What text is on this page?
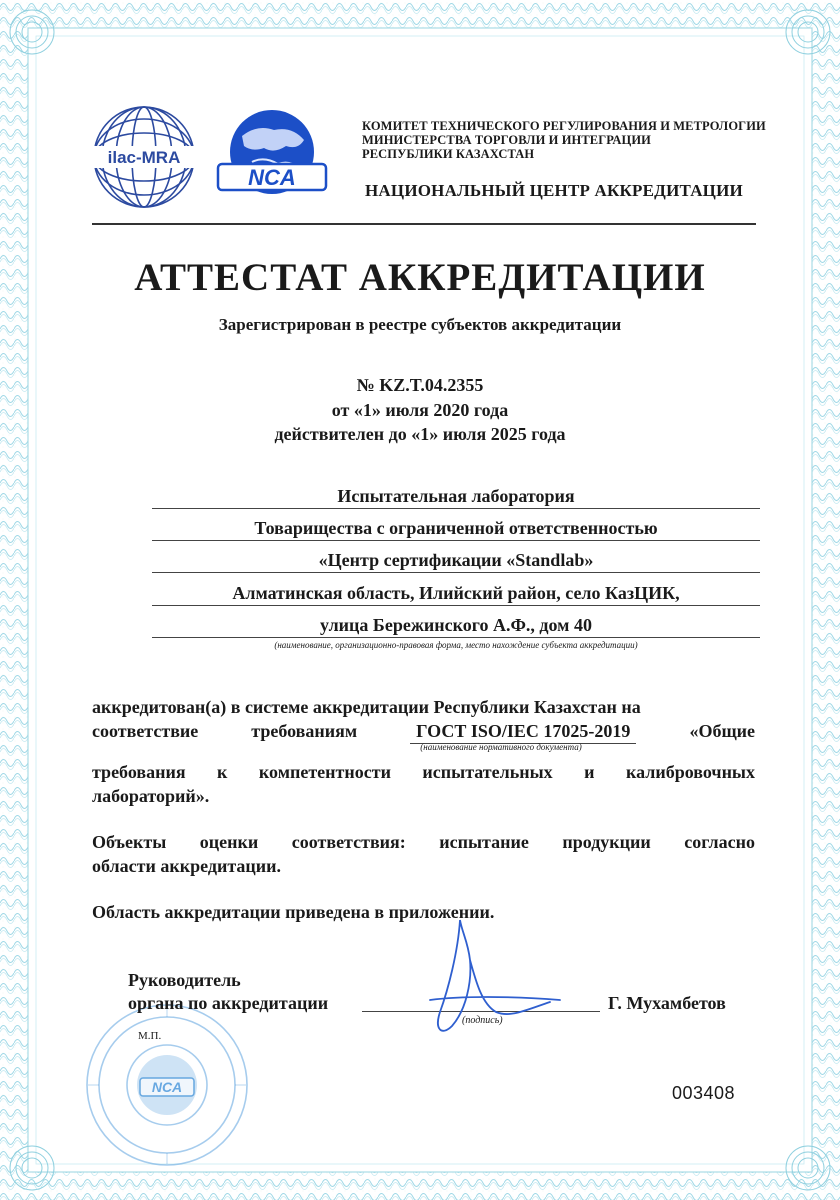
ilac-MRA
NCA
КОМИТЕТ ТЕХНИЧЕСКОГО РЕГУЛИРОВАНИЯ И МЕТРОЛОГИИ
МИНИСТЕРСТВА ТОРГОВЛИ И ИНТЕГРАЦИИ
РЕСПУБЛИКИ КАЗАХСТАН
НАЦИОНАЛЬНЫЙ ЦЕНТР АККРЕДИТАЦИИ
АТТЕСТАТ АККРЕДИТАЦИИ
Зарегистрирован в реестре субъектов аккредитации
№ KZ.T.04.2355
от «1» июля 2020 года
действителен до «1» июля 2025 года
Испытательная лаборатория
Товарищества с ограниченной ответственностью
«Центр сертификации «Standlab»
Алматинская область, Илийский район, село КазЦИК,
улица Бережинского А.Ф., дом 40
(наименование, организационно-правовая форма, место нахождение субъекта аккредитации)
аккредитован(а) в системе аккредитации Республики Казахстан на
соответствие	требованиям	ГОСТ ISO/IEC 17025-2019	«Общие
(наименование нормативного документа)
требования к компетентности испытательных и калибровочных
лабораторий».
Объекты оценки соответствия: испытание продукции согласно
области аккредитации.
Область аккредитации приведена в приложении.
NCA
М.П.
Руководитель
органа по аккредитации
(подпись)
Г. Мухамбетов
003408
